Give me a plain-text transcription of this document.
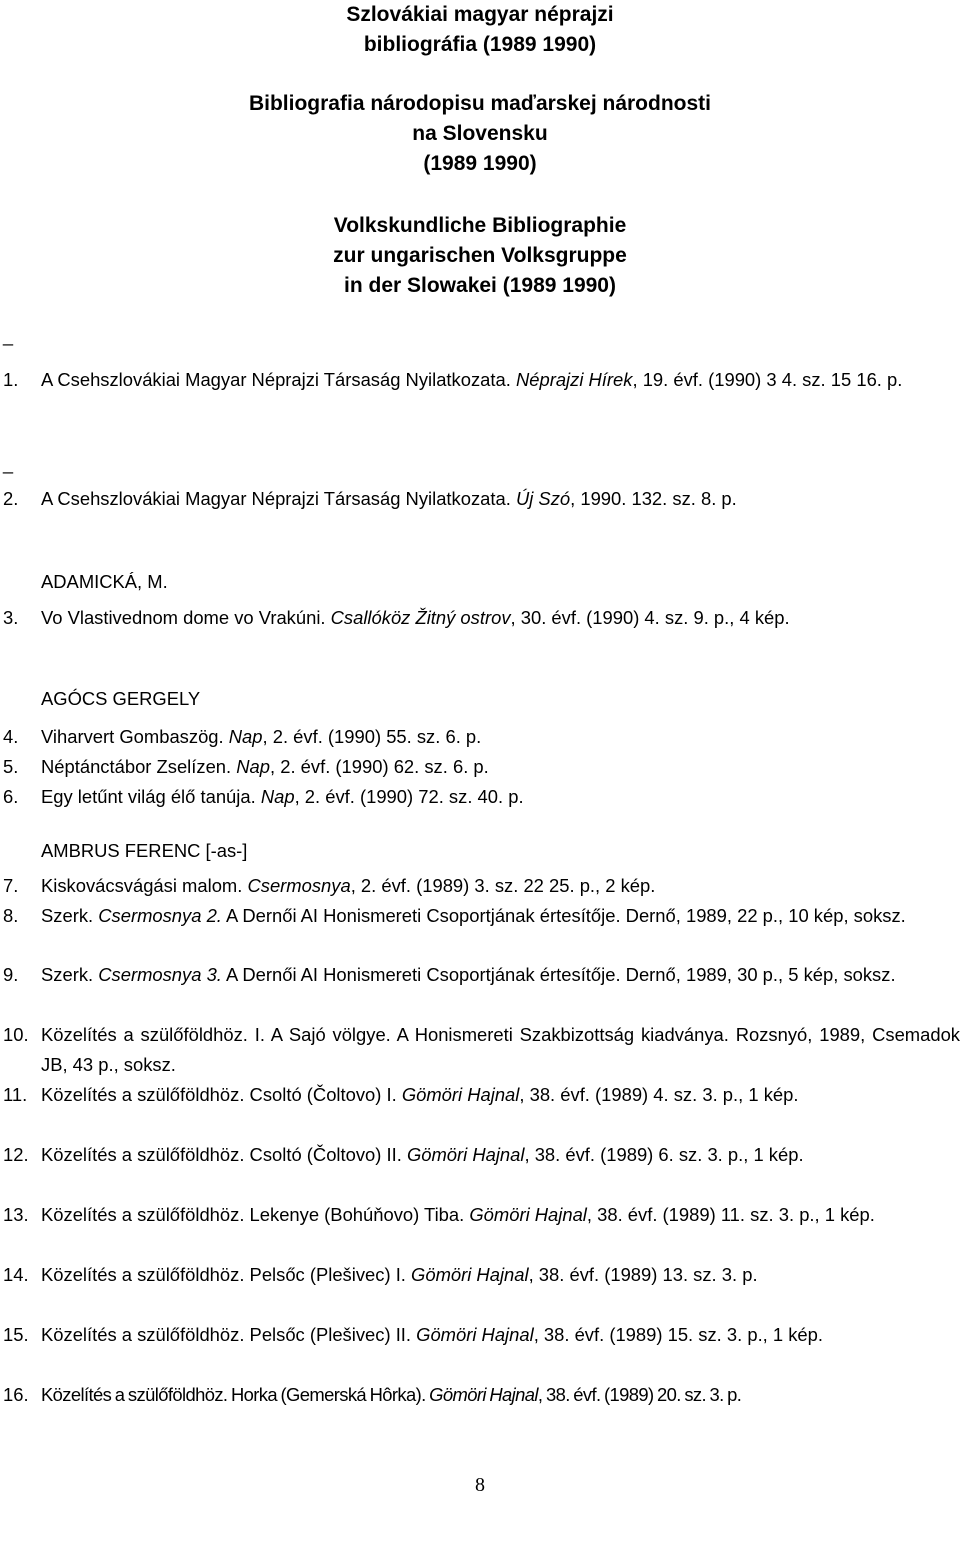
Szlovákiai magyar néprajzi
bibliográfia (1989 1990)
Bibliografia národopisu maďarskej národnosti
na Slovensku
(1989 1990)
Volkskundliche Bibliographie
zur ungarischen Volksgruppe
in der Slowakei (1989 1990)
_
_
1. A Csehszlovákiai Magyar Néprajzi Társaság Nyilatkozata. Néprajzi Hírek, 19. évf. (1990) 3 4. sz. 15 16. p.
2. A Csehszlovákiai Magyar Néprajzi Társaság Nyilatkozata. Új Szó, 1990. 132. sz. 8. p.
ADAMICKÁ, M.
3. Vo Vlastivednom dome vo Vrakúni. Csallóköz Žitný ostrov, 30. évf. (1990) 4. sz. 9. p., 4 kép.
AGÓCS GERGELY
4. Viharvert Gombaszög. Nap, 2. évf. (1990) 55. sz. 6. p.
5. Néptánctábor Zselízen. Nap, 2. évf. (1990) 62. sz. 6. p.
6. Egy letűnt világ élő tanúja. Nap, 2. évf. (1990) 72. sz. 40. p.
AMBRUS FERENC [-as-]
7. Kiskovácsvágási malom. Csermosnya, 2. évf. (1989) 3. sz. 22 25. p., 2 kép.
8. Szerk. Csermosnya 2. A Dernői AI Honismereti Csoportjának értesítője. Dernő, 1989, 22 p., 10 kép, soksz.
9. Szerk. Csermosnya 3. A Dernői AI Honismereti Csoportjának értesítője. Dernő, 1989, 30 p., 5 kép, soksz.
10. Közelítés a szülőföldhöz. I. A Sajó völgye. A Honismereti Szakbizottság kiadványa. Rozsnyó, 1989, Csemadok JB, 43 p., soksz.
11. Közelítés a szülőföldhöz. Csoltó (Čoltovo) I. Gömöri Hajnal, 38. évf. (1989) 4. sz. 3. p., 1 kép.
12. Közelítés a szülőföldhöz. Csoltó (Čoltovo) II. Gömöri Hajnal, 38. évf. (1989) 6. sz. 3. p., 1 kép.
13. Közelítés a szülőföldhöz. Lekenye (Bohúňovo) Tiba. Gömöri Hajnal, 38. évf. (1989) 11. sz. 3. p., 1 kép.
14. Közelítés a szülőföldhöz. Pelsőc (Plešivec) I. Gömöri Hajnal, 38. évf. (1989) 13. sz. 3. p.
15. Közelítés a szülőföldhöz. Pelsőc (Plešivec) II. Gömöri Hajnal, 38. évf. (1989) 15. sz. 3. p., 1 kép.
16. Közelítés a szülőföldhöz. Horka (Gemerská Hôrka). Gömöri Hajnal, 38. évf. (1989) 20. sz. 3. p.
8
